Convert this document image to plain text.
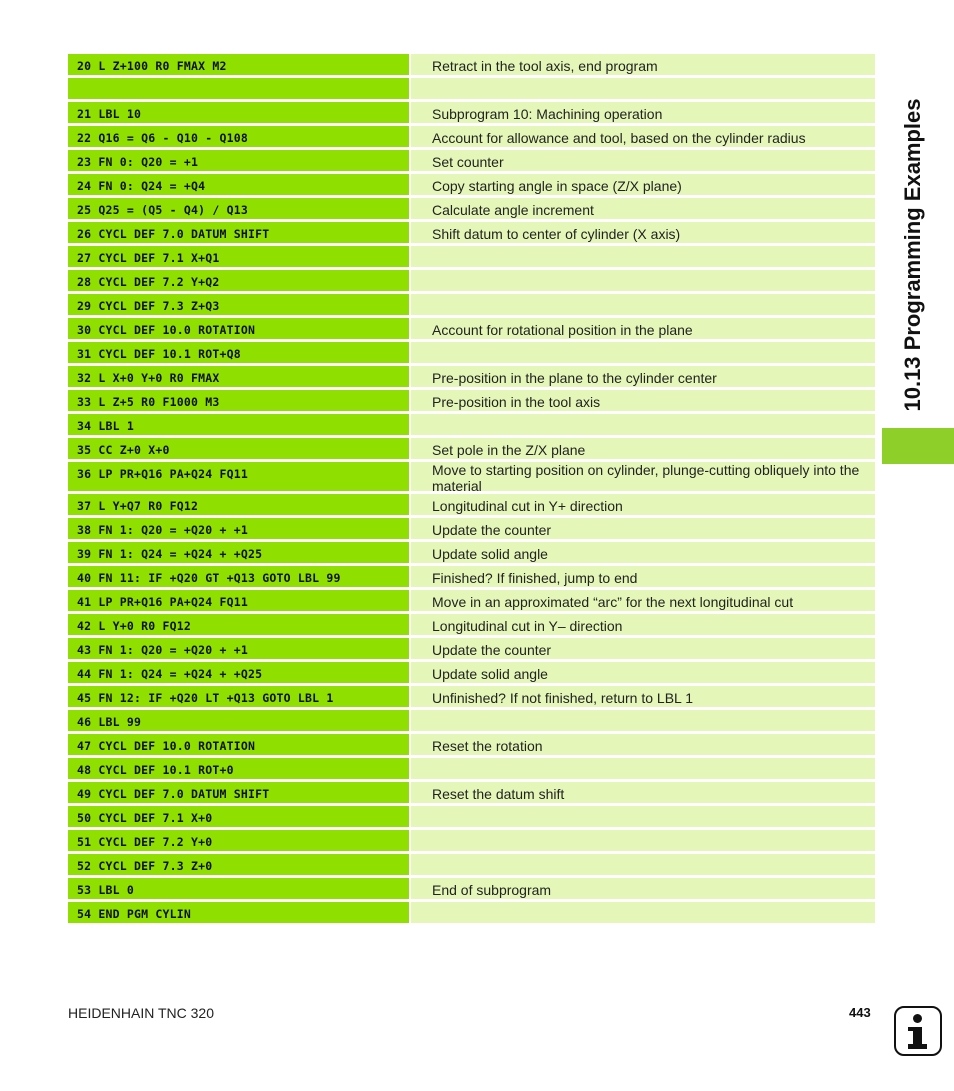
20 L Z+100 R0 FMAX M2	Retract in the tool axis, end program
21 LBL 10	Subprogram 10: Machining operation
22 Q16 = Q6 - Q10 - Q108	Account for allowance and tool, based on the cylinder radius
23 FN 0: Q20 = +1	Set counter
24 FN 0: Q24 = +Q4	Copy starting angle in space (Z/X plane)
25 Q25 = (Q5 - Q4) / Q13	Calculate angle increment
26 CYCL DEF 7.0 DATUM SHIFT	Shift datum to center of cylinder (X axis)
27 CYCL DEF 7.1 X+Q1
28 CYCL DEF 7.2 Y+Q2
29 CYCL DEF 7.3 Z+Q3
30 CYCL DEF 10.0 ROTATION	Account for rotational position in the plane
31 CYCL DEF 10.1 ROT+Q8
32 L X+0 Y+0 R0 FMAX	Pre-position in the plane to the cylinder center
33 L Z+5 R0 F1000 M3	Pre-position in the tool axis
34 LBL 1
35 CC Z+0 X+0	Set pole in the Z/X plane
36 LP PR+Q16 PA+Q24 FQ11	Move to starting position on cylinder, plunge-cutting obliquely into the material
37 L Y+Q7 R0 FQ12	Longitudinal cut in Y+ direction
38 FN 1: Q20 = +Q20 + +1	Update the counter
39 FN 1: Q24 = +Q24 + +Q25	Update solid angle
40 FN 11: IF +Q20 GT +Q13 GOTO LBL 99	Finished? If finished, jump to end
41 LP PR+Q16 PA+Q24 FQ11	Move in an approximated “arc” for the next longitudinal cut
42 L Y+0 R0 FQ12	Longitudinal cut in Y– direction
43 FN 1: Q20 = +Q20 + +1	Update the counter
44 FN 1: Q24 = +Q24 + +Q25	Update solid angle
45 FN 12: IF +Q20 LT +Q13 GOTO LBL 1	Unfinished? If not finished, return to LBL 1
46 LBL 99
47 CYCL DEF 10.0 ROTATION	Reset the rotation
48 CYCL DEF 10.1 ROT+0
49 CYCL DEF 7.0 DATUM SHIFT	Reset the datum shift
50 CYCL DEF 7.1 X+0
51 CYCL DEF 7.2 Y+0
52 CYCL DEF 7.3 Z+0
53 LBL 0	End of subprogram
54 END PGM CYLIN
10.13 Programming Examples
HEIDENHAIN TNC 320	443
